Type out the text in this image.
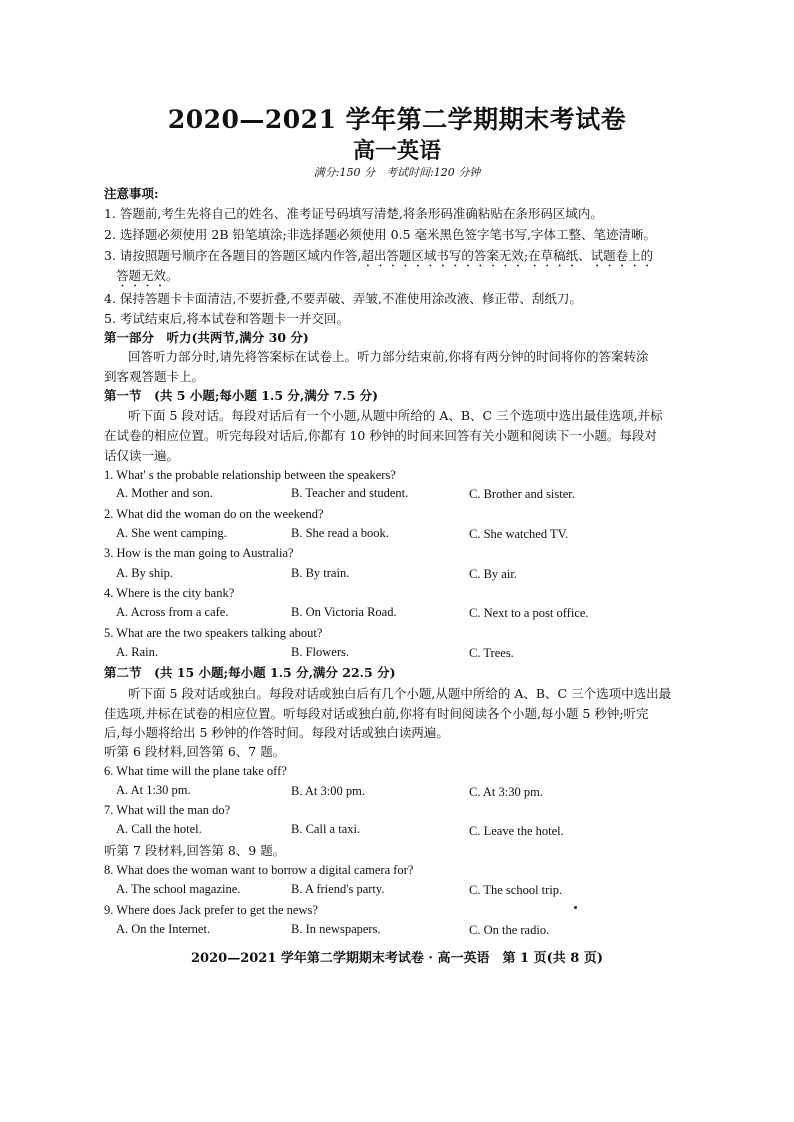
2020—2021 学年第二学期期末考试卷
高一英语
满分:150 分　考试时间:120 分钟
注意事项:
1. 答题前,考生先将自己的姓名、准考证号码填写清楚,将条形码准确粘贴在条形码区域内。
2. 选择题必须使用 2B 铅笔填涂;非选择题必须使用 0.5 毫米黑色签字笔书写,字体工整、笔迹清晰。
3. 请按照题号顺序在各题目的答题区域内作答,超出答题区域书写的答案无效;在草稿纸、试题卷上的
答题无效。
4. 保持答题卡卡面清洁,不要折叠,不要弄破、弄皱,不准使用涂改液、修正带、刮纸刀。
5. 考试结束后,将本试卷和答题卡一并交回。
第一部分　听力(共两节,满分 30 分)
回答听力部分时,请先将答案标在试卷上。听力部分结束前,你将有两分钟的时间将你的答案转涂
到客观答题卡上。
第一节　(共 5 小题;每小题 1.5 分,满分 7.5 分)
听下面 5 段对话。每段对话后有一个小题,从题中所给的 A、B、C 三个选项中选出最佳选项,并标
在试卷的相应位置。听完每段对话后,你都有 10 秒钟的时间来回答有关小题和阅读下一小题。每段对
话仅读一遍。
1. What' s the probable relationship between the speakers?
A. Mother and son.	B. Teacher and student.	C. Brother and sister.
2. What did the woman do on the weekend?
A. She went camping.	B. She read a book.	C. She watched TV.
3. How is the man going to Australia?
A. By ship.	B. By train.	C. By air.
4. Where is the city bank?
A. Across from a cafe.	B. On Victoria Road.	C. Next to a post office.
5. What are the two speakers talking about?
A. Rain.	B. Flowers.	C. Trees.
第二节　(共 15 小题;每小题 1.5 分,满分 22.5 分)
听下面 5 段对话或独白。每段对话或独白后有几个小题,从题中所给的 A、B、C 三个选项中选出最
佳选项,并标在试卷的相应位置。听每段对话或独白前,你将有时间阅读各个小题,每小题 5 秒钟;听完
后,每小题将给出 5 秒钟的作答时间。每段对话或独白读两遍。
听第 6 段材料,回答第 6、7 题。
6. What time will the plane take off?
A. At 1:30 pm.	B. At 3:00 pm.	C. At 3:30 pm.
7. What will the man do?
A. Call the hotel.	B. Call a taxi.	C. Leave the hotel.
听第 7 段材料,回答第 8、9 题。
8. What does the woman want to borrow a digital camera for?
A. The school magazine.	B. A friend's party.	C. The school trip.
9. Where does Jack prefer to get the news?
A. On the Internet.	B. In newspapers.	C. On the radio.
2020—2021 学年第二学期期末考试卷 · 高一英语　第 1 页(共 8 页)
